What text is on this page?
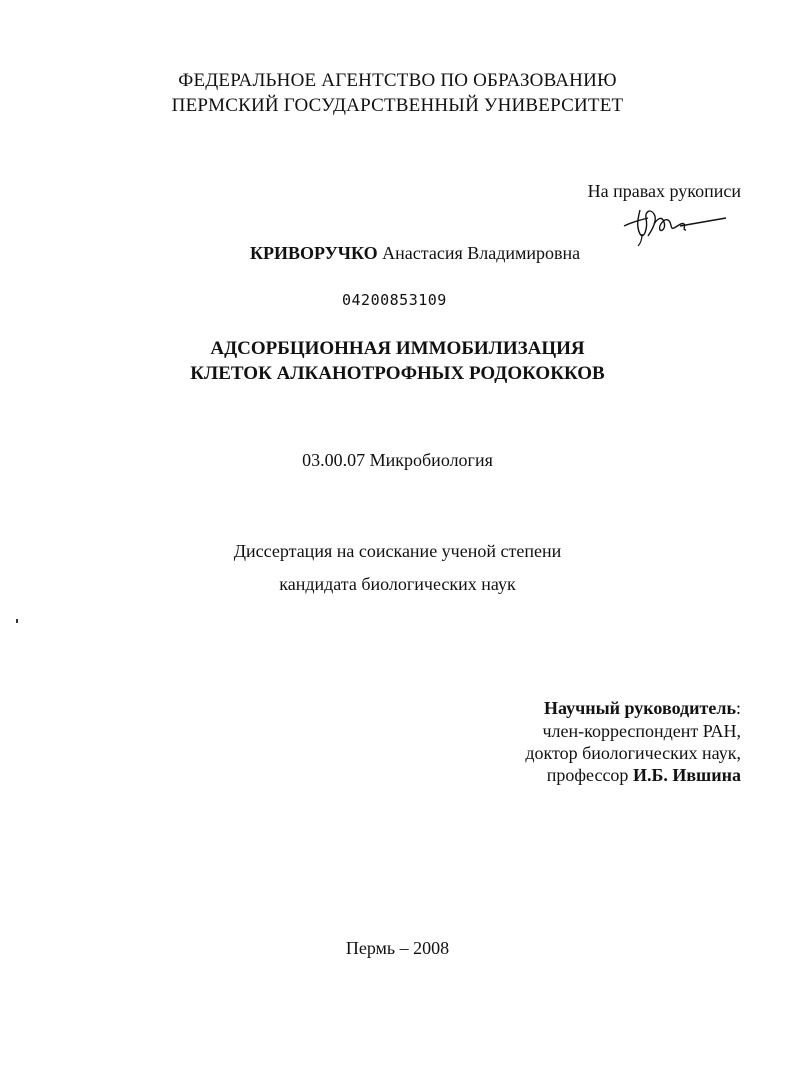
ФЕДЕРАЛЬНОЕ АГЕНТСТВО ПО ОБРАЗОВАНИЮ
ПЕРМСКИЙ ГОСУДАРСТВЕННЫЙ УНИВЕРСИТЕТ
На правах рукописи
КРИВОРУЧКО Анастасия Владимировна
04200853109
АДСОРБЦИОННАЯ ИММОБИЛИЗАЦИЯ
КЛЕТОК АЛКАНОТРОФНЫХ РОДОКОККОВ
03.00.07 Микробиология
Диссертация на соискание ученой степени
кандидата биологических наук
Научный руководитель:
член-корреспондент РАН,
доктор биологических наук,
профессор И.Б. Ившина
Пермь – 2008
